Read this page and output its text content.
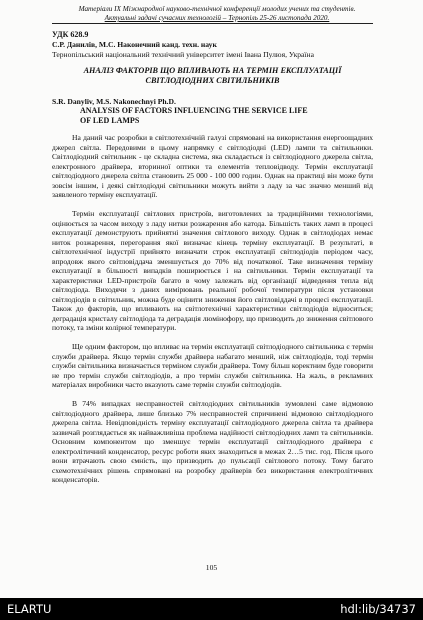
Матеріали ІХ Міжнародної науково-технічної конференції молодих учених та студентів.
Актуальні задачі сучасних технологій – Тернопіль 25-26 листопада 2020.
УДК 628.9
С.Р. Данилів, М.С. Наконечний канд. техн. наук
Тернопільський національний технічний університет імені Івана Пулюя, Україна
АНАЛІЗ ФАКТОРІВ ЩО ВПЛИВАЮТЬ НА ТЕРМІН ЕКСПЛУАТАЦІЇ СВІТЛОДІОДНИХ СВІТИЛЬНИКІВ
S.R. Danyliv, M.S. Nakonechnyi Ph.D.
ANALYSIS OF FACTORS INFLUENCING THE SERVICE LIFE OF LED LAMPS

На даний час розробки в світлотехнічній галузі спрямовані на використання енергоощадних джерел світла. Передовими в цьому напрямку є світлодіодні (LED) лампи та світильники. Світлодіодний світильник - це складна система, яка складається із світлодіодного джерела світла, електронного драйвера, вторинної оптики та елементів тепловідводу. Термін експлуатації світлодіодного джерела світла становить 25 000 - 100 000 годин. Однак на практиці він може бути зовсім іншим, і деякі світлодіодні світильники можуть вийти з ладу за час значно менший від заявленого терміну експлуатації.

Термін експлуатації світлових пристроїв, виготовлених за традиційними технологіями, оцінюється за часом виходу з ладу нитки розжарення або катода. Більшість таких ламп в процесі експлуатації демонструють прийнятні значення світлового виходу. Однак в світлодіодах немає ниток розжарення, перегорання якої визначає кінець терміну експлуатації. В результаті, в світлотехнічної індустрії прийнято визначати строк експлуатації світлодіодів періодом часу, впродовж якого світловіддача зменшується до 70% від початкової. Таке визначення терміну експлуатації в більшості випадків поширюється і на світильники. Термін експлуатації та характеристики LED-пристроїв багато в чому залежать від організації відведення тепла від світлодіода. Виходячи з даних вимірювань реальної робочої температури після установки світлодіодів в світильник, можна буде оцінити зниження його світловіддачі в процесі експлуатації. Також до факторів, що впливають на світлотехнічні характеристики світлодіодів відноситься; деградація кристалу світлодіода та деградація люмінофору, що призводить до зниження світлового потоку, та зміни колірної температури.

Ще одним фактором, що впливає на термін експлуатації світлодіодного світильника є термін служби драйвера. Якщо термін служби драйвера набагато менший, ніж світлодіодів, тоді термін служби світильника визначається терміном служби драйвера. Тому більш коректним буде говорити не про термін служби світлодіодів, а про термін служби світильника. На жаль, в рекламних матеріалах виробники часто вказують саме термін служби світлодіодів.

В 74% випадках несправностей світлодіодних світильників зумовлені саме відмовою світлодіодного драйвера, лише близько 7% несправностей спричинені відмовою світлодіодного джерела світла. Невідповідність терміну експлуатації світлодіодного джерела світла та драйвера зазвичай розглядається як найважливіша проблема надійності світлодіодних ламп та світильників. Основним компонентом що зменшує термін експлуатації світлодіодного драйвера є електролітичний конденсатор, ресурс роботи яких знаходиться в межах 2…5 тис. год. Після цього вони втрачають свою ємність, що призводить до пульсації світлового потоку. Тому багато схемотехнічних рішень спрямовані на розробку драйверів без використання електролітичних конденсаторів.

105
ELARTU	hdl:lib/34737
